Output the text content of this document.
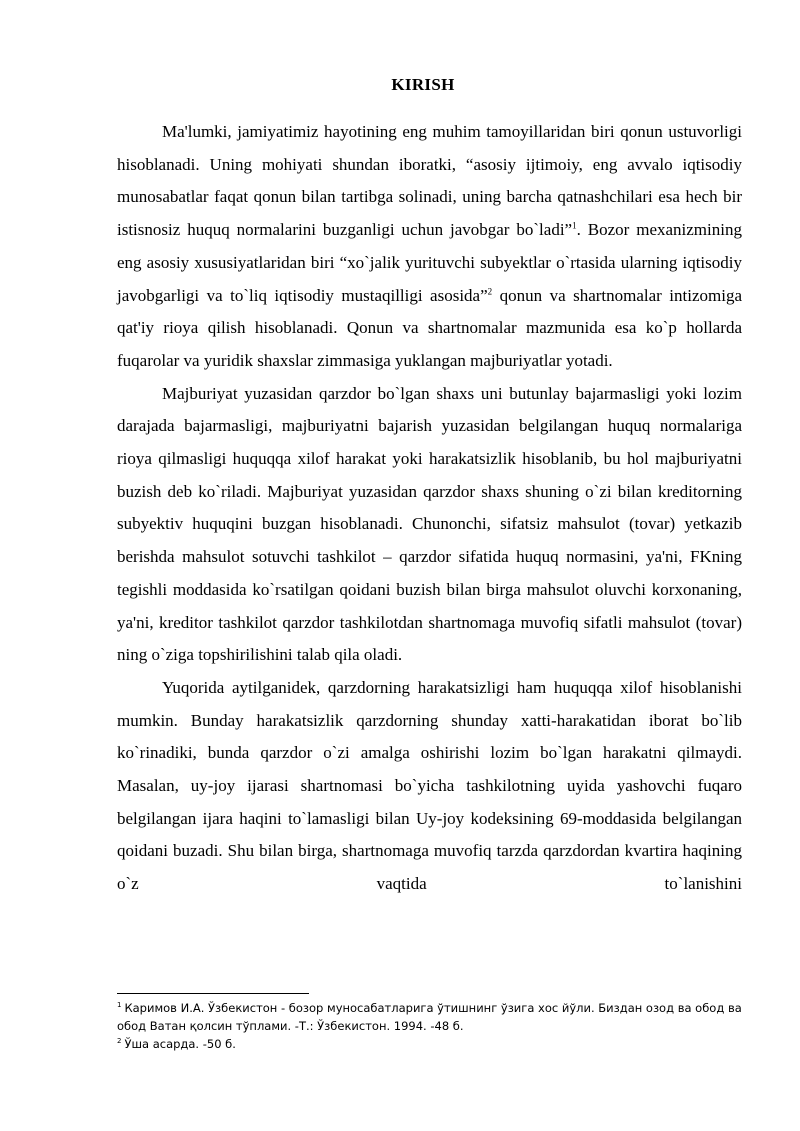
KIRISH

Ma'lumki, jamiyatimiz hayotining eng muhim tamoyillaridan biri qonun ustuvorligi hisoblanadi. Uning mohiyati shundan iboratki, “asosiy ijtimoiy, eng avvalo iqtisodiy munosabatlar faqat qonun bilan tartibga solinadi, uning barcha qatnashchilari esa hech bir istisnosiz huquq normalarini buzganligi uchun javobgar bo`ladi”$^1$. Bozor mexanizmining eng asosiy xususiyatlaridan biri “xo`jalik yurituvchi subyektlar o`rtasida ularning iqtisodiy javobgarligi va to`liq iqtisodiy mustaqilligi asosida”$^2$ qonun va shartnomalar intizomiga qat'iy rioya qilish hisoblanadi. Qonun va shartnomalar mazmunida esa ko`p hollarda fuqarolar va yuridik shaxslar zimmasiga yuklangan majburiyatlar yotadi.

Majburiyat yuzasidan qarzdor bo`lgan shaxs uni butunlay bajarmasligi yoki lozim darajada bajarmasligi, majburiyatni bajarish yuzasidan belgilangan huquq normalariga rioya qilmasligi huquqqa xilof harakat yoki harakatsizlik hisoblanib, bu hol majburiyatni buzish deb ko`riladi. Majburiyat yuzasidan qarzdor shaxs shuning o`zi bilan kreditorning subyektiv huquqini buzgan hisoblanadi. Chunonchi, sifatsiz mahsulot (tovar) yetkazib berishda mahsulot sotuvchi tashkilot – qarzdor sifatida huquq normasini, ya'ni, FKning tegishli moddasida ko`rsatilgan qoidani buzish bilan birga mahsulot oluvchi korxonaning, ya'ni, kreditor tashkilot qarzdor tashkilotdan shartnomaga muvofiq sifatli mahsulot (tovar) ning o`ziga topshirilishini talab qila oladi.

Yuqorida aytilganidek, qarzdorning harakatsizligi ham huquqqa xilof hisoblanishi mumkin. Bunday harakatsizlik qarzdorning shunday xatti-harakatidan iborat bo`lib ko`rinadiki, bunda qarzdor o`zi amalga oshirishi lozim bo`lgan harakatni qilmaydi. Masalan, uy-joy ijarasi shartnomasi bo`yicha tashkilotning uyida yashovchi fuqaro belgilangan ijara haqini to`lamasligi bilan Uy-joy kodeksining 69-moddasida belgilangan qoidani buzadi. Shu bilan birga, shartnomaga muvofiq tarzda qarzdordan kvartira haqining o`z vaqtida to`lanishini

$^1$ Каримов И.А. Ўзбекистон - бозор муносабатларига ўтишнинг ўзига хос йўли. Биздан озод ва обод ва обод Ватан қолсин тўплами. -Т.: Ўзбекистон. 1994. -48 б.

$^2$ Ўша асарда. -50 б.
